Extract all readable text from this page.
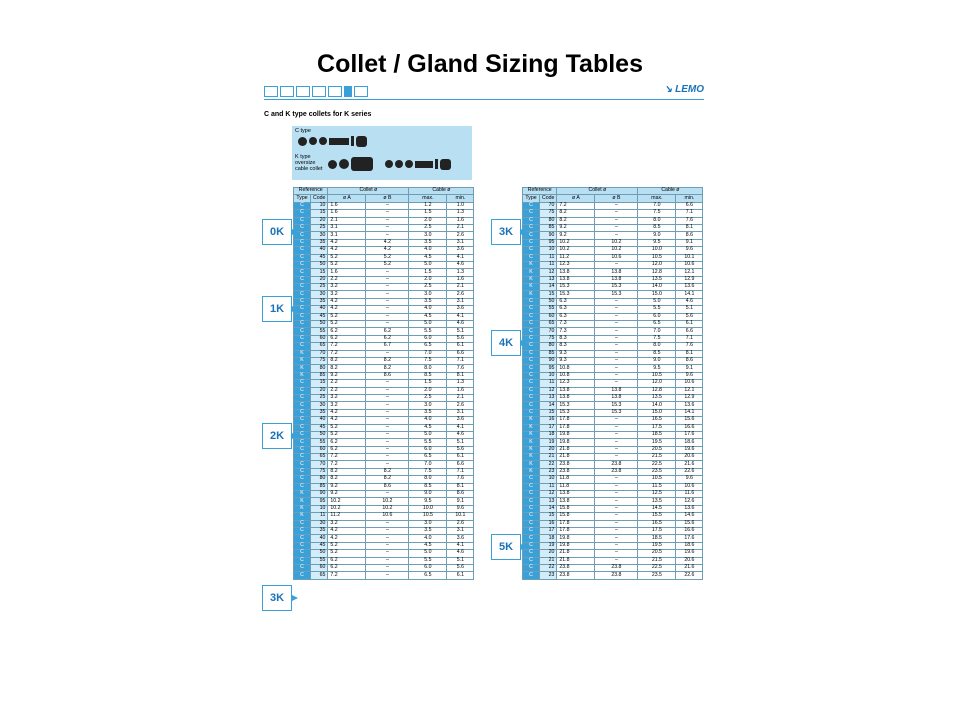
Collet / Gland Sizing Tables
↘ LEMO
C and K type collets for K series
C type
K type
oversize cable collet
Reference		Collet ø		Cable ø	
Type	Code	ø A	ø B	max.	min.
C	10	1.6	–	1.2	1.0
C	15	1.6	–	1.5	1.3
C	20	2.1	–	2.0	1.6
C	25	3.1	–	2.5	2.1
C	30	3.1	–	3.0	2.6
C	35	4.2	4.2	3.5	3.1
C	40	4.2	4.2	4.0	3.6
C	45	5.2	5.2	4.5	4.1
C	50	5.2	5.2	5.0	4.6
C	15	1.6	–	1.5	1.3
C	20	2.2	–	2.0	1.6
C	25	3.2	–	2.5	2.1
C	30	3.2	–	3.0	2.6
C	35	4.2	–	3.5	3.1
C	40	4.2	–	4.0	3.6
C	45	5.2	–	4.5	4.1
C	50	5.2	–	5.0	4.6
C	55	6.2	6.2	5.5	5.1
C	60	6.2	6.2	6.0	5.6
C	65	7.2	6.7	6.5	6.1
K	70	7.2	–	7.0	6.6
K	75	8.2	8.2	7.5	7.1
K	80	8.2	8.2	8.0	7.6
K	85	9.2	8.6	8.5	8.1
C	15	2.2	–	1.5	1.3
C	20	2.2	–	2.0	1.6
C	25	3.2	–	2.5	2.1
C	30	3.2	–	3.0	2.6
C	35	4.2	–	3.5	3.1
C	40	4.2	–	4.0	3.6
C	45	5.2	–	4.5	4.1
C	50	5.2	–	5.0	4.6
C	55	6.2	–	5.5	5.1
C	60	6.2	–	6.0	5.6
C	65	7.2	–	6.5	6.1
C	70	7.2	–	7.0	6.6
C	75	8.2	8.2	7.5	7.1
C	80	8.2	8.2	8.0	7.6
C	85	9.2	8.6	8.5	8.1
K	90	9.2	–	9.0	8.6
K	95	10.2	10.2	9.5	9.1
K	10	10.2	10.2	10.0	9.6
K	11	11.2	10.6	10.5	10.1
C	30	3.2	–	3.0	2.6
C	35	4.2	–	3.5	3.1
C	40	4.2	–	4.0	3.6
C	45	5.2	–	4.5	4.1
C	50	5.2	–	5.0	4.6
C	55	6.2	–	5.5	5.1
C	60	6.2	–	6.0	5.6
C	65	7.2	–	6.5	6.1
Reference		Collet ø		Cable ø	
Type	Code	ø A	ø B	max.	min.
C	70	7.2	–	7.0	6.6
C	75	8.2	–	7.5	7.1
C	80	8.2	–	8.0	7.6
C	85	9.2	–	8.5	8.1
C	90	9.2	–	9.0	8.6
C	95	10.2	10.2	9.5	9.1
C	10	10.2	10.2	10.0	9.6
C	11	11.2	10.6	10.5	10.1
K	11	12.3	–	12.0	10.6
K	12	13.8	13.8	12.8	12.1
K	13	13.8	13.8	13.5	12.9
K	14	15.3	15.3	14.0	13.6
K	15	15.3	15.3	15.0	14.1
C	50	6.3	–	5.0	4.6
C	55	6.3	–	5.5	5.1
C	60	6.3	–	6.0	5.6
C	65	7.3	–	6.5	6.1
C	70	7.3	–	7.0	6.6
C	75	8.3	–	7.5	7.1
C	80	8.3	–	8.0	7.6
C	85	9.3	–	8.5	8.1
C	90	9.3	–	9.0	8.6
C	95	10.8	–	9.5	9.1
C	10	10.8	–	10.5	9.6
C	11	12.3	–	12.0	10.6
C	12	13.8	13.8	12.8	12.1
C	13	13.8	13.8	13.5	12.9
C	14	15.3	15.3	14.0	13.6
C	15	15.3	15.3	15.0	14.1
K	16	17.8	–	16.5	15.6
K	17	17.8	–	17.5	16.6
K	18	19.8	–	18.5	17.6
K	19	19.8	–	19.5	18.6
K	20	21.8	–	20.5	19.6
K	21	21.8	–	21.5	20.6
K	22	23.8	23.8	22.5	21.6
K	23	23.8	23.8	23.5	22.6
C	10	11.8	–	10.5	9.6
C	11	11.8	–	11.5	10.6
C	12	13.8	–	12.5	11.6
C	13	13.8	–	13.5	12.6
C	14	15.8	–	14.5	13.6
C	15	15.8	–	15.5	14.6
C	16	17.8	–	16.5	15.6
C	17	17.8	–	17.5	16.6
C	18	19.8	–	18.5	17.6
C	19	19.8	–	19.5	18.6
C	20	21.8	–	20.5	19.6
C	21	21.8	–	21.5	20.6
C	22	23.8	23.8	22.5	21.6
C	23	23.8	23.8	23.5	22.6
0K
1K
2K
3K
3K
4K
5K
